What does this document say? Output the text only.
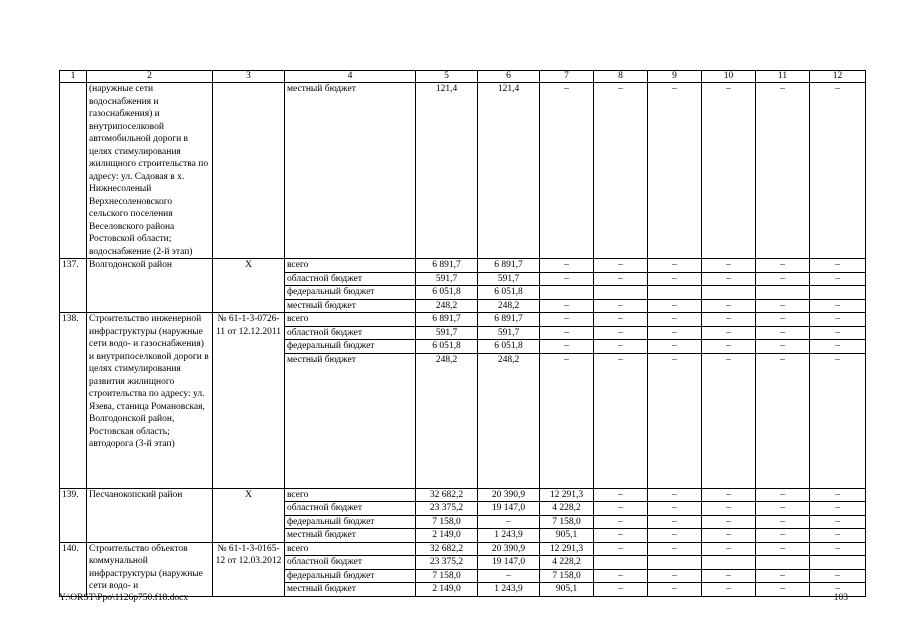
1	2	3	4	5	6	7	8	9	10	11	12
	(наружные сети водоснабжения и газоснабжения) и внутрипоселковой автомобильной дороги в целях стимулирования жилищного строительства по адресу: ул. Садовая в х. Нижнесоленый Верхнесоленовского сельского поселения Веселовского района Ростовской области; водоснабжение (2-й этап)		местный бюджет	121,4	121,4	–	–	–	–	–	–
137.	Волгодонской район	Х	всего	6 891,7	6 891,7	–	–	–	–	–	–
			областной бюджет	591,7	591,7	–	–	–	–	–	–
			федеральный бюджет	6 051,8	6 051,8						
			местный бюджет	248,2	248,2	–	–	–	–	–	–
138.	Строительство инженерной инфраструктуры (наружные сети водо- и газоснабжения) и внутрипоселковой дороги в целях стимулирования развития жилищного строительства по адресу: ул. Язева, станица Романовская, Волгодонской район, Ростовская область; автодорога (3-й этап)	№ 61-1-3-0726-11 от 12.12.2011	всего	6 891,7	6 891,7	–	–	–	–	–	–
			областной бюджет	591,7	591,7	–	–	–	–	–	–
			федеральный бюджет	6 051,8	6 051,8	–	–	–	–	–	–
			местный бюджет	248,2	248,2	–	–	–	–	–	–
139.	Песчанокопский район	Х	всего	32 682,2	20 390,9	12 291,3	–	–	–	–	–
			областной бюджет	23 375,2	19 147,0	4 228,2	–	–	–	–	–
			федеральный бюджет	7 158,0	–	7 158,0	–	–	–	–	–
			местный бюджет	2 149,0	1 243,9	905,1	–	–	–	–	–
140.	Строительство объектов коммунальной инфраструктуры (наружные сети водо- и	№ 61-1-3-0165-12 от 12.03.2012	всего	32 682,2	20 390,9	12 291,3	–	–	–	–	–
			областной бюджет	23 375,2	19 147,0	4 228,2					
			федеральный бюджет	7 158,0	–	7 158,0	–	–	–	–	–
			местный бюджет	2 149,0	1 243,9	905,1	–	–	–	–	–
Y:\ORST\Ppo\1126p750.f18.docx	103
